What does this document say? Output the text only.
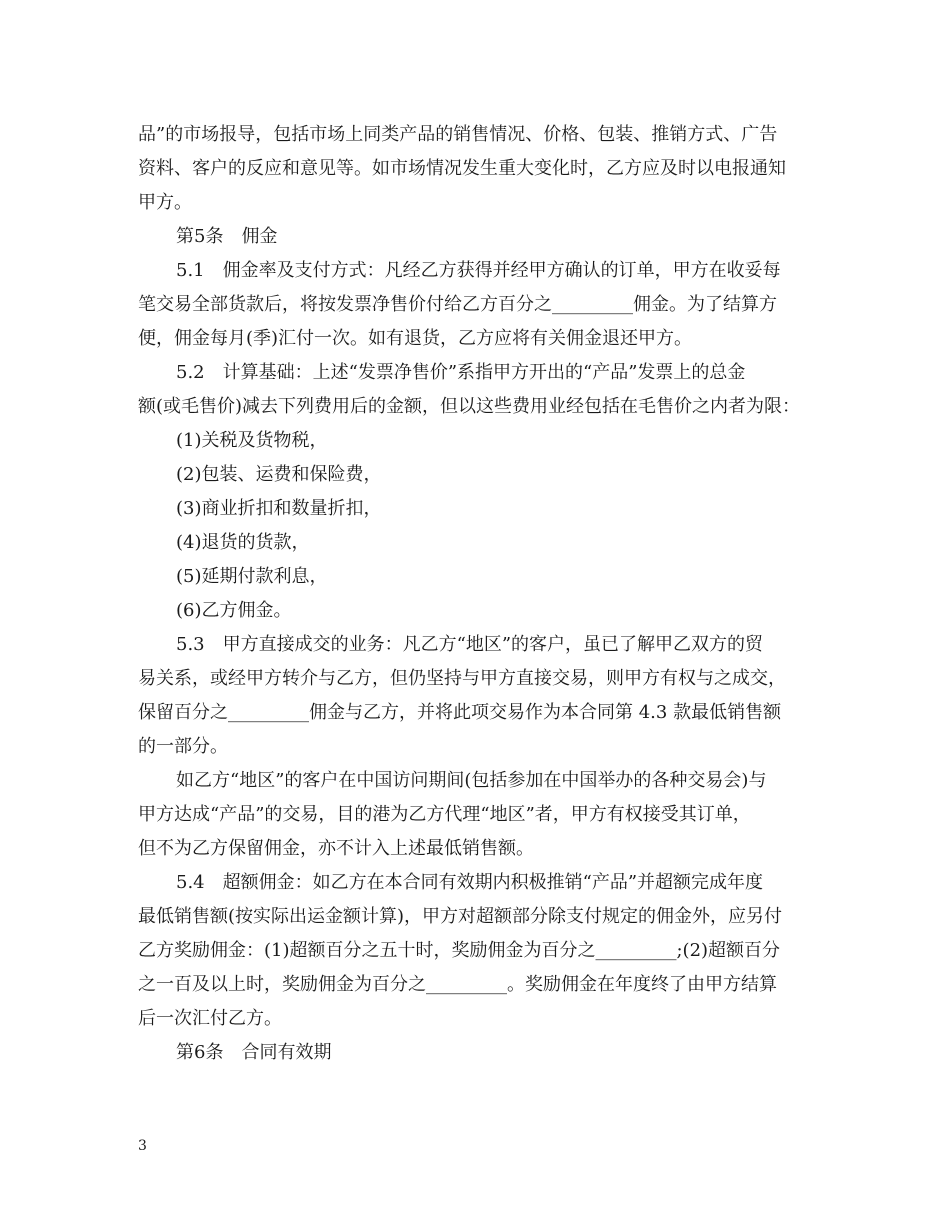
品”的市场报导，包括市场上同类产品的销售情况、价格、包装、推销方式、广告
资料、客户的反应和意见等。如市场情况发生重大变化时，乙方应及时以电报通知
甲方。
第5条　佣金
5.1　佣金率及支付方式：凡经乙方获得并经甲方确认的订单，甲方在收妥每
笔交易全部货款后，将按发票净售价付给乙方百分之_________佣金。为了结算方
便，佣金每月(季)汇付一次。如有退货，乙方应将有关佣金退还甲方。
5.2　计算基础：上述“发票净售价”系指甲方开出的“产品”发票上的总金
额(或毛售价)减去下列费用后的金额，但以这些费用业经包括在毛售价之内者为限：
(1)关税及货物税，
(2)包装、运费和保险费，
(3)商业折扣和数量折扣，
(4)退货的货款，
(5)延期付款利息，
(6)乙方佣金。
5.3　甲方直接成交的业务：凡乙方“地区”的客户，虽已了解甲乙双方的贸
易关系，或经甲方转介与乙方，但仍坚持与甲方直接交易，则甲方有权与之成交，
保留百分之_________佣金与乙方，并将此项交易作为本合同第 4.3 款最低销售额
的一部分。
如乙方“地区”的客户在中国访问期间(包括参加在中国举办的各种交易会)与
甲方达成“产品”的交易，目的港为乙方代理“地区”者，甲方有权接受其订单，
但不为乙方保留佣金，亦不计入上述最低销售额。
5.4　超额佣金：如乙方在本合同有效期内积极推销“产品”并超额完成年度
最低销售额(按实际出运金额计算)，甲方对超额部分除支付规定的佣金外，应另付
乙方奖励佣金：(1)超额百分之五十时，奖励佣金为百分之_________;(2)超额百分
之一百及以上时，奖励佣金为百分之_________。奖励佣金在年度终了由甲方结算
后一次汇付乙方。
第6条　合同有效期
3
